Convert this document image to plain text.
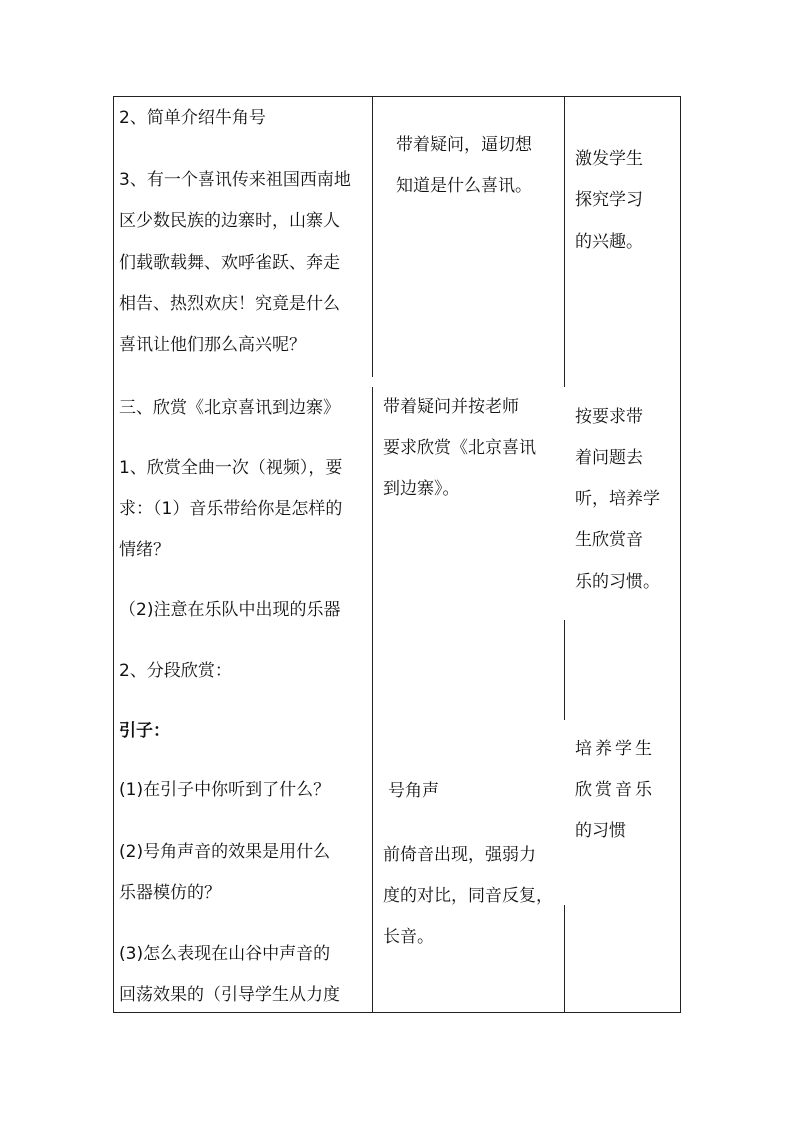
2、简单介绍牛角号
3、有一个喜讯传来祖国西南地
区少数民族的边寨时，山寨人
们载歌载舞、欢呼雀跃、奔走
相告、热烈欢庆！究竟是什么
喜讯让他们那么高兴呢？
三、欣赏《北京喜讯到边寨》
1、欣赏全曲一次（视频），要
求：（1）音乐带给你是怎样的
情绪？
（2)注意在乐队中出现的乐器
2、分段欣赏：
引子：
(1)在引子中你听到了什么？
(2)号角声音的效果是用什么
乐器模仿的？
(3)怎么表现在山谷中声音的
回荡效果的（引导学生从力度
带着疑问，逼切想
知道是什么喜讯。
带着疑问并按老师
要求欣赏《北京喜讯
到边寨》。
号角声
前倚音出现，强弱力
度的对比，同音反复，
长音。
激发学生
探究学习
的兴趣。
按要求带
着问题去
听，培养学
生欣赏音
乐的习惯。
培养学生
欣赏音乐
的习惯
